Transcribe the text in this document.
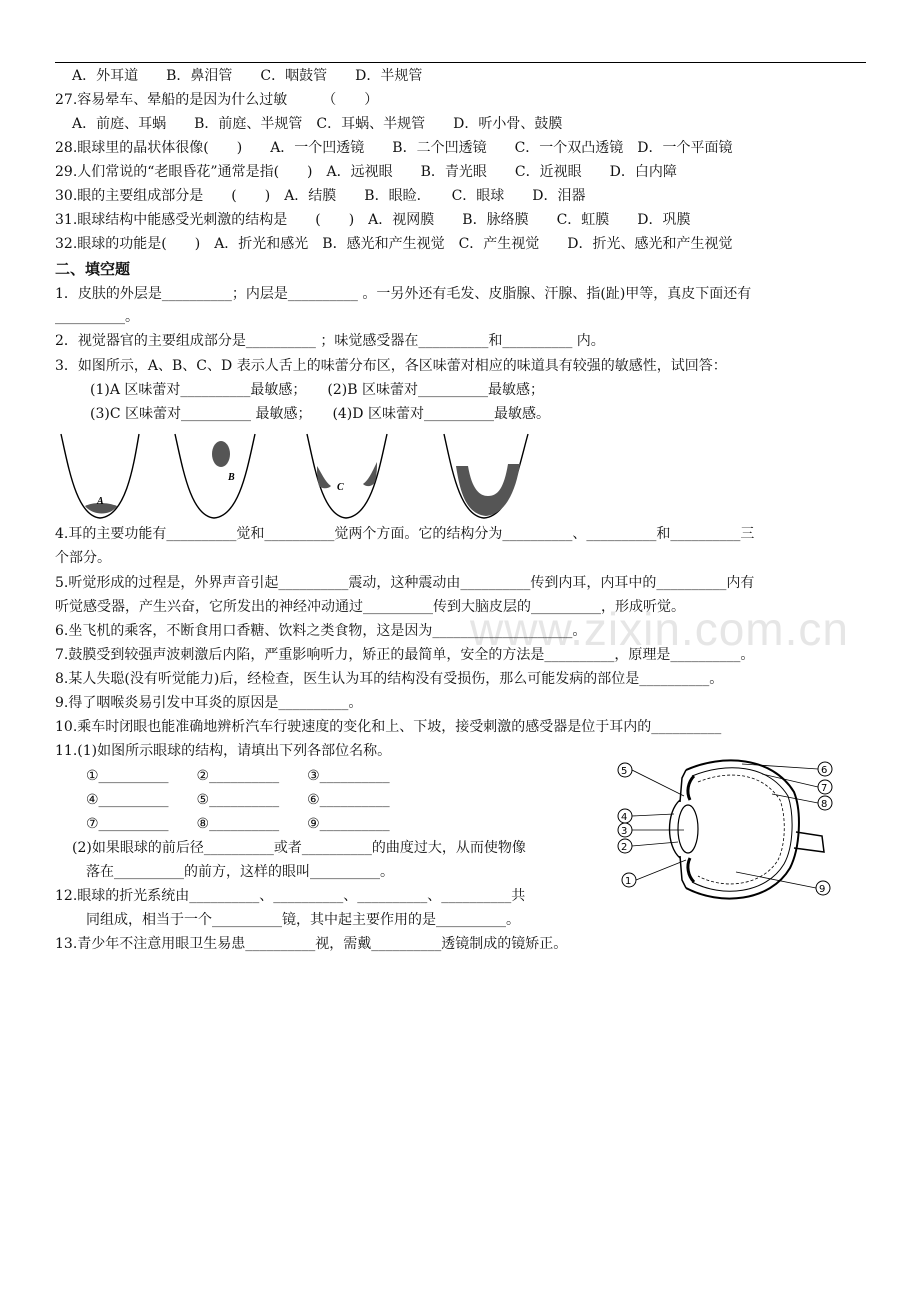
www.zixin.com.cn
A．外耳道　　B．鼻泪管　　C．咽鼓管　　D．半规管
27.容易晕车、晕船的是因为什么过敏　　　（　　）
A．前庭、耳蜗　　B．前庭、半规管　C．耳蜗、半规管　　D．听小骨、鼓膜
28.眼球里的晶状体很像(　　)　　A．一个凹透镜　　B．二个凹透镜　　C．一个双凸透镜　D．一个平面镜
29.人们常说的“老眼昏花”通常是指(　　)　A．远视眼　　B．青光眼　　C．近视眼　　D．白内障
30.眼的主要组成部分是　　(　　)　A．结膜　　B．眼睑．　　C．眼球　　D．泪器
31.眼球结构中能感受光刺激的结构是　　(　　)　A．视网膜　　B．脉络膜　　C．虹膜　　D．巩膜
32.眼球的功能是(　　)　A．折光和感光　B．感光和产生视觉　C．产生视觉　　D．折光、感光和产生视觉
二、填空题
1．皮肤的外层是__________；内层是__________ 。一另外还有毛发、皮脂腺、汗腺、指(趾)甲等，真皮下面还有
__________。
2．视觉器官的主要组成部分是__________ ；味觉感受器在__________和__________ 内。
3．如图所示，A、B、C、D 表示人舌上的味蕾分布区，各区味蕾对相应的味道具有较强的敏感性，试回答：
(1)A 区味蕾对__________最敏感；　　(2)B 区味蕾对__________最敏感；
(3)C 区味蕾对__________ 最敏感；　　(4)D 区味蕾对__________最敏感。
A
B
C	D
4.耳的主要功能有__________觉和__________觉两个方面。它的结构分为__________、__________和__________三
个部分。
5.听觉形成的过程是，外界声音引起__________震动，这种震动由__________传到内耳，内耳中的__________内有
听觉感受器，产生兴奋，它所发出的神经冲动通过__________传到大脑皮层的__________，形成听觉。
6.坐飞机的乘客，不断食用口香糖、饮料之类食物，这是因为____________________。
7.鼓膜受到较强声波刺激后内陷，严重影响听力，矫正的最简单，安全的方法是__________，原理是__________。
8.某人失聪(没有听觉能力)后，经检查，医生认为耳的结构没有受损伤，那么可能发病的部位是__________。
9.得了咽喉炎易引发中耳炎的原因是__________。
10.乘车时闭眼也能准确地辨析汽车行驶速度的变化和上、下坡，接受刺激的感受器是位于耳内的__________
11.(1)如图所示眼球的结构，请填出下列各部位名称。
①__________　　②__________　　③__________
④__________　　⑤__________　　⑥__________
⑦__________　　⑧__________　　⑨__________
(2)如果眼球的前后径__________或者__________的曲度过大，从而使物像
落在__________的前方，这样的眼叫__________。
12.眼球的折光系统由__________、__________、__________、__________共
同组成，相当于一个__________镜，其中起主要作用的是__________。
13.青少年不注意用眼卫生易患__________视，需戴__________透镜制成的镜矫正。
5
4
3
2
1
6
7
8
9
